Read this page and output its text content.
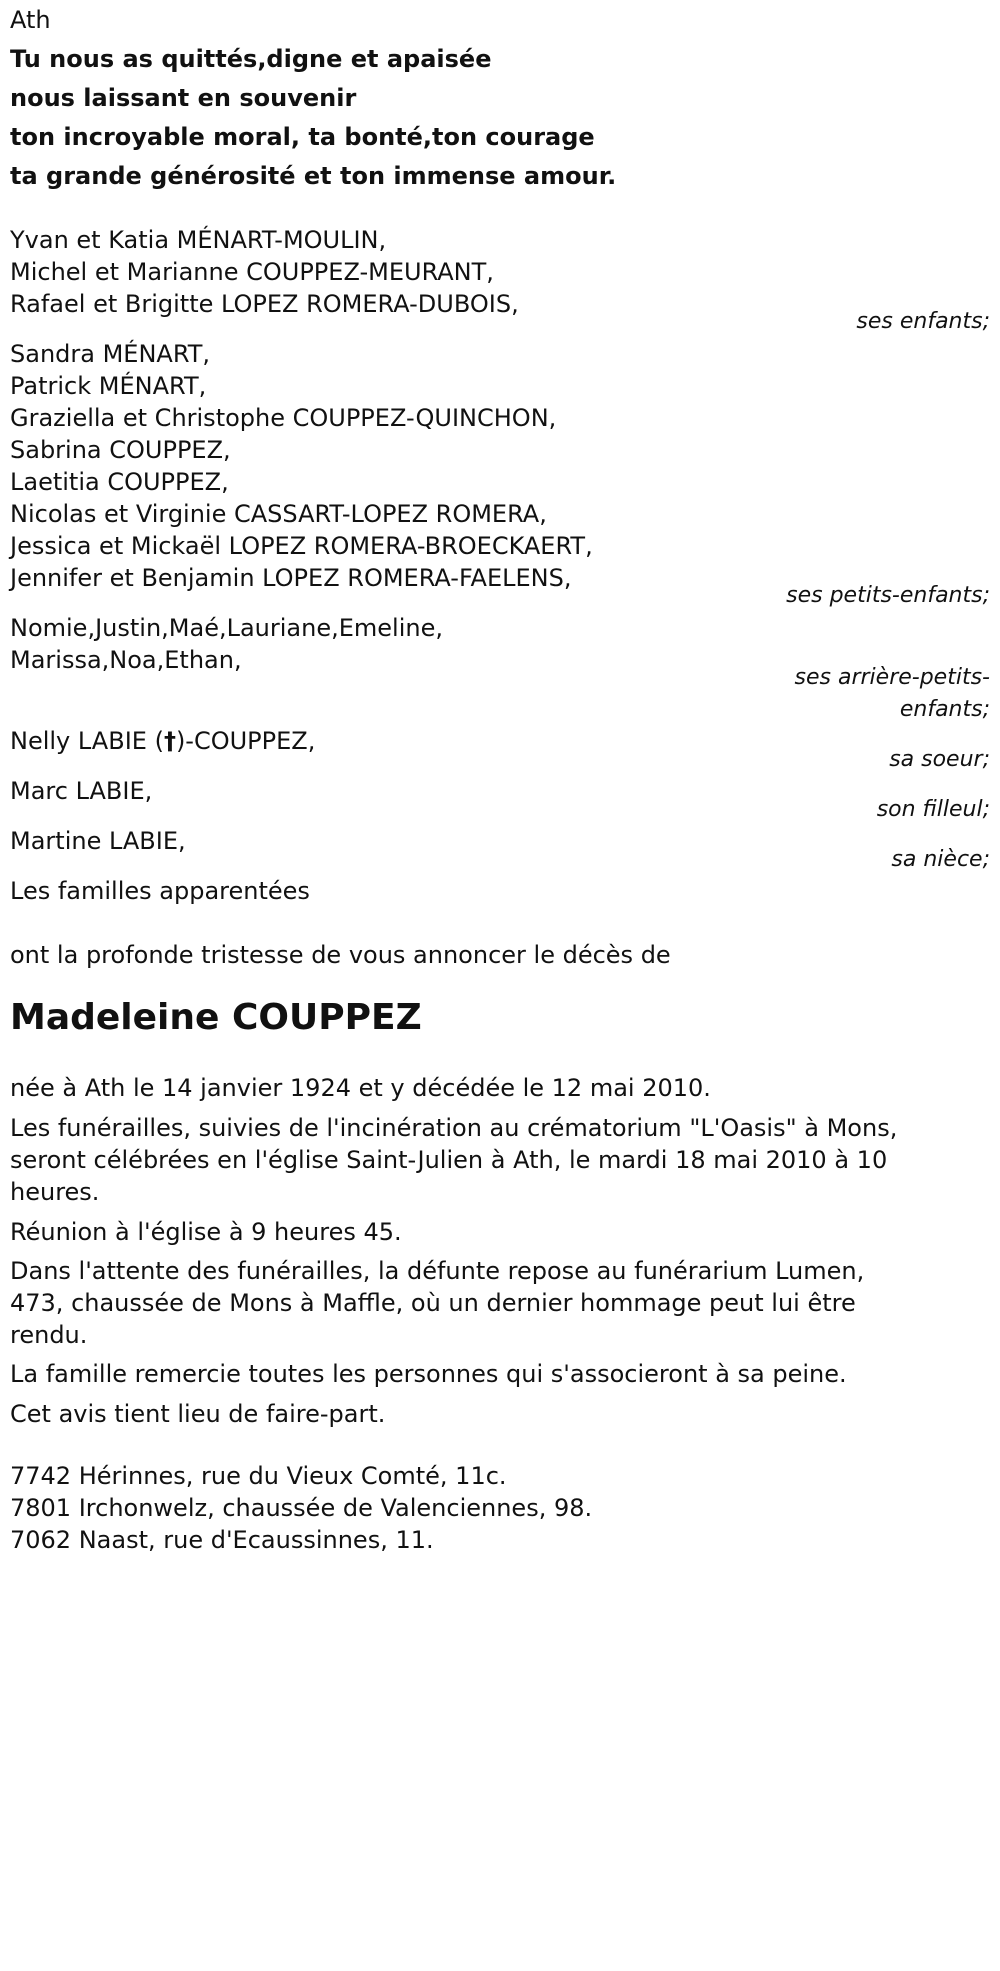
Ath
Tu nous as quittés,digne et apaisée
nous laissant en souvenir
ton incroyable moral, ta bonté,ton courage
ta grande générosité et ton immense amour.
Yvan et Katia MÉNART-MOULIN,
Michel et Marianne COUPPEZ-MEURANT,
Rafael et Brigitte LOPEZ ROMERA-DUBOIS,
ses enfants;
Sandra MÉNART,
Patrick MÉNART,
Graziella et Christophe COUPPEZ-QUINCHON,
Sabrina COUPPEZ,
Laetitia COUPPEZ,
Nicolas et Virginie CASSART-LOPEZ ROMERA,
Jessica et Mickaël LOPEZ ROMERA-BROECKAERT,
Jennifer et Benjamin LOPEZ ROMERA-FAELENS,
ses petits-enfants;
Nomie,Justin,Maé,Lauriane,Emeline,
Marissa,Noa,Ethan,
ses arrière-petits-
enfants;
Nelly LABIE (†)-COUPPEZ,
sa soeur;
Marc LABIE,
son filleul;
Martine LABIE,
sa nièce;
Les familles apparentées
ont la profonde tristesse de vous annoncer le décès de
Madeleine COUPPEZ
née à Ath le 14 janvier 1924 et y décédée le 12 mai 2010.
Les funérailles, suivies de l'incinération au crématorium "L'Oasis" à Mons,
seront célébrées en l'église Saint-Julien à Ath, le mardi 18 mai 2010 à 10
heures.
Réunion à l'église à 9 heures 45.
Dans l'attente des funérailles, la défunte repose au funérarium Lumen,
473, chaussée de Mons à Maffle, où un dernier hommage peut lui être
rendu.
La famille remercie toutes les personnes qui s'associeront à sa peine.
Cet avis tient lieu de faire-part.
7742 Hérinnes, rue du Vieux Comté, 11c.
7801 Irchonwelz, chaussée de Valenciennes, 98.
7062 Naast, rue d'Ecaussinnes, 11.
